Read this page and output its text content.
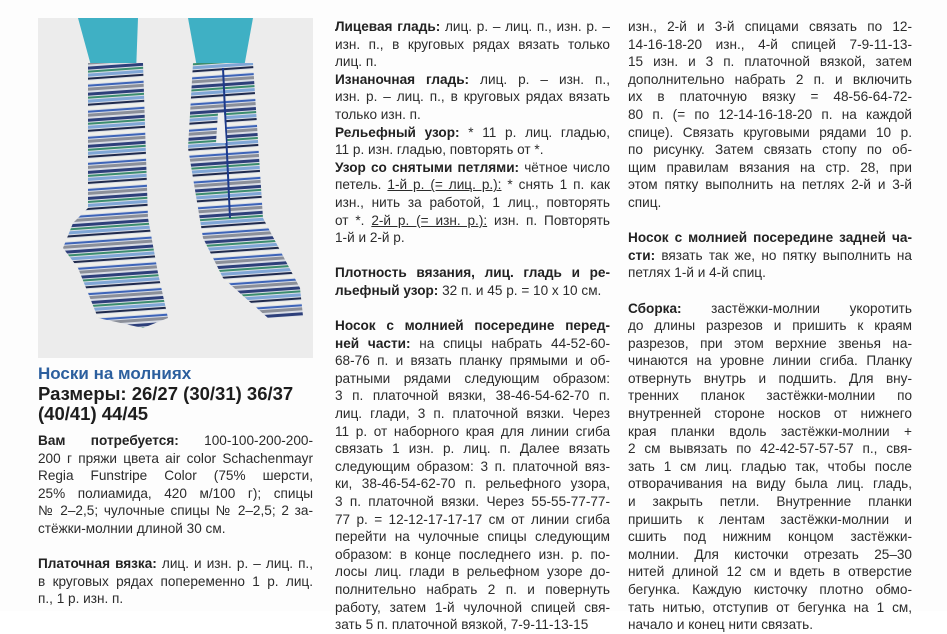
Носки на молниях
Размеры: 26/27 (30/31) 36/37
(40/41) 44/45
Вам потребуется: 100-100-200-200-
200 г пряжи цвета air color Schachenmayr
Regia Funstripe Color (75% шерсти,
25% полиамида, 420 м/100 г); спицы
№ 2–2,5; чулочные спицы № 2–2,5; 2 за-
стёжки-молнии длиной 30 см.
Платочная вязка: лиц. и изн. р. – лиц. п.,
в круговых рядах попеременно 1 р. лиц.
п., 1 р. изн. п.
Лицевая гладь: лиц. р. – лиц. п., изн. р. –
изн. п., в круговых рядах вязать только
лиц. п.
Изнаночная гладь: лиц. р. – изн. п.,
изн. р. – лиц. п., в круговых рядах вязать
только изн. п.
Рельефный узор: * 11 р. лиц. гладью,
11 р. изн. гладью, повторять от *.
Узор со снятыми петлями: чётное число
петель. 1-й р. (= лиц. р.): * снять 1 п. как
изн., нить за работой, 1 лиц., повторять
от *. 2-й р. (= изн. р.): изн. п. Повторять
1-й и 2-й р.
Плотность вязания, лиц. гладь и ре-
льефный узор: 32 п. и 45 р. = 10 х 10 см.
Носок с молнией посередине перед-
ней части: на спицы набрать 44-52-60-
68-76 п. и вязать планку прямыми и об-
ратными рядами следующим образом:
3 п. платочной вязки, 38-46-54-62-70 п.
лиц. глади, 3 п. платочной вязки. Через
11 р. от наборного края для линии сгиба
связать 1 изн. р. лиц. п. Далее вязать
следующим образом: 3 п. платочной вяз-
ки, 38-46-54-62-70 п. рельефного узора,
3 п. платочной вязки. Через 55-55-77-77-
77 р. = 12-12-17-17-17 см от линии сгиба
перейти на чулочные спицы следующим
образом: в конце последнего изн. р. по-
лосы лиц. глади в рельефном узоре до-
полнительно набрать 2 п. и повернуть
работу, затем 1-й чулочной спицей свя-
зать 5 п. платочной вязкой, 7-9-11-13-15
изн., 2-й и 3-й спицами связать по 12-
14-16-18-20 изн., 4-й спицей 7-9-11-13-
15 изн. и 3 п. платочной вязкой, затем
дополнительно набрать 2 п. и включить
их в платочную вязку = 48-56-64-72-
80 п. (= по 12-14-16-18-20 п. на каждой
спице). Связать круговыми рядами 10 р.
по рисунку. Затем связать стопу по об-
щим правилам вязания на стр. 28, при
этом пятку выполнить на петлях 2-й и 3-й
спиц.
Носок с молнией посередине задней ча-
сти: вязать так же, но пятку выполнить на
петлях 1-й и 4-й спиц.
Сборка: застёжки-молнии укоротить
до длины разрезов и пришить к краям
разрезов, при этом верхние звенья на-
чинаются на уровне линии сгиба. Планку
отвернуть внутрь и подшить. Для вну-
тренних планок застёжки-молнии по
внутренней стороне носков от нижнего
края планки вдоль застёжки-молнии +
2 см вывязать по 42-42-57-57-57 п., свя-
зать 1 см лиц. гладью так, чтобы после
отворачивания на виду была лиц. гладь,
и закрыть петли. Внутренние планки
пришить к лентам застёжки-молнии и
сшить под нижним концом застёжки-
молнии. Для кисточки отрезать 25–30
нитей длиной 12 см и вдеть в отверстие
бегунка. Каждую кисточку плотно обмо-
тать нитью, отступив от бегунка на 1 см,
начало и конец нити связать.
